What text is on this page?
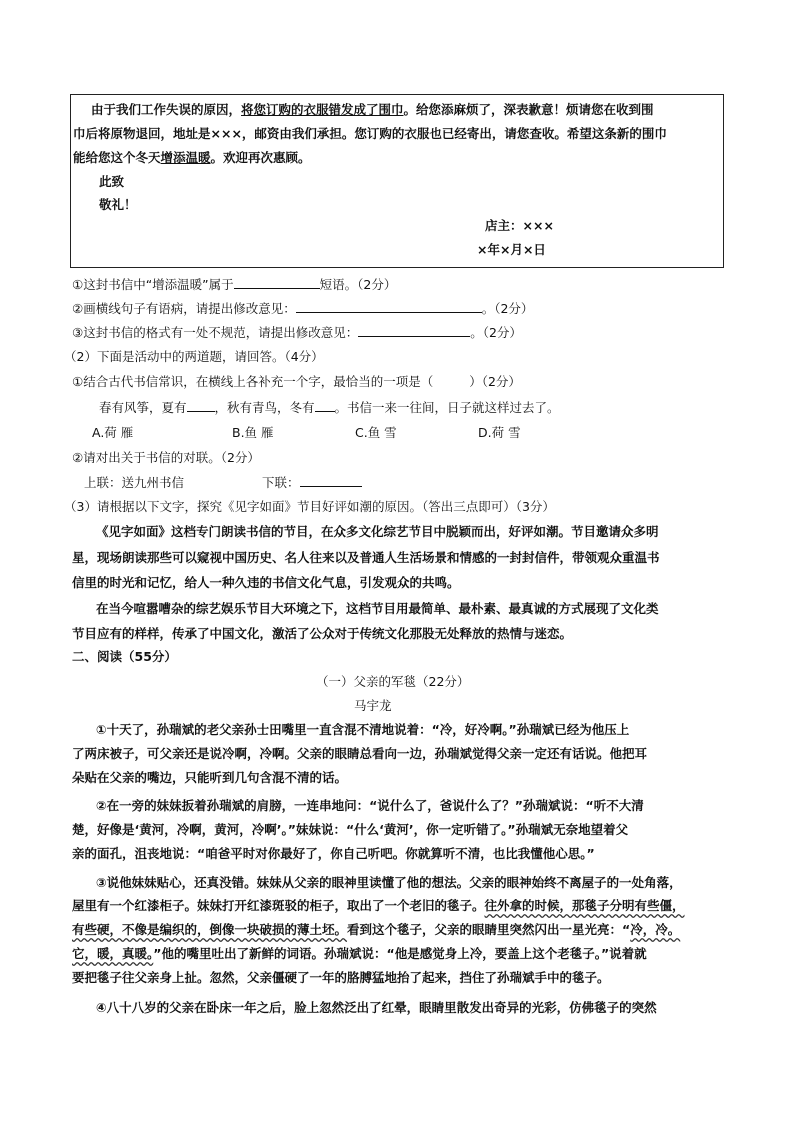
由于我们工作失误的原因，将您订购的衣服错发成了围巾。给您添麻烦了，深表歉意！烦请您在收到围
巾后将原物退回，地址是×××，邮资由我们承担。您订购的衣服也已经寄出，请您查收。希望这条新的围巾
能给您这个冬天增添温暖。欢迎再次惠顾。
此致
敬礼！
店主：×××
×年×月×日
①这封书信中“增添温暖”属于	短语。（2分）
②画横线句子有语病，请提出修改意见：	。（2分）
③这封书信的格式有一处不规范，请提出修改意见：	。（2分）
（2）下面是活动中的两道题，请回答。（4分）
①结合古代书信常识，在横线上各补充一个字，最恰当的一项是（	）（2分）
春有风筝，夏有 ，秋有青鸟，冬有 。书信一来一往间，日子就这样过去了。
A.荷 雁	B.鱼 雁	C.鱼 雪	D.荷 雪
②请对出关于书信的对联。（2分）
上联：送九州书信	下联：
（3）请根据以下文字，探究《见字如面》节目好评如潮的原因。（答出三点即可）（3分）
《见字如面》这档专门朗读书信的节目，在众多文化综艺节目中脱颖而出，好评如潮。节目邀请众多明
星，现场朗读那些可以窥视中国历史、名人往来以及普通人生活场景和情感的一封封信件，带领观众重温书
信里的时光和记忆，给人一种久违的书信文化气息，引发观众的共鸣。
在当今喧嚣嘈杂的综艺娱乐节目大环境之下，这档节目用最简单、最朴素、最真诚的方式展现了文化类
节目应有的样样，传承了中国文化，激活了公众对于传统文化那股无处释放的热情与迷恋。
二、阅读（55分）
（一）父亲的军毯（22分）
马宇龙
①十天了，孙瑞斌的老父亲孙士田嘴里一直含混不清地说着：“冷，好冷啊。”孙瑞斌已经为他压上
了两床被子，可父亲还是说冷啊，冷啊。父亲的眼睛总看向一边，孙瑞斌觉得父亲一定还有话说。他把耳
朵贴在父亲的嘴边，只能听到几句含混不清的话。
②在一旁的妹妹扳着孙瑞斌的肩膀，一连串地问：“说什么了，爸说什么了？”孙瑞斌说：“听不大清
楚，好像是‘黄河，冷啊，黄河，冷啊’。”妹妹说：“什么‘黄河’，你一定听错了。”孙瑞斌无奈地望着父
亲的面孔，沮丧地说：“咱爸平时对你最好了，你自己听吧。你就算听不清，也比我懂他心思。”
③说他妹妹贴心，还真没错。妹妹从父亲的眼神里读懂了他的想法。父亲的眼神始终不离屋子的一处角落，
屋里有一个红漆柜子。妹妹打开红漆斑驳的柜子，取出了一个老旧的毯子。往外拿的时候，那毯子分明有些僵，
有些硬，不像是编织的，倒像一块破损的薄土坯。看到这个毯子，父亲的眼睛里突然闪出一星光亮：“冷，冷。
它，暖，真暖。”他的嘴里吐出了新鲜的词语。孙瑞斌说：“他是感觉身上冷，要盖上这个老毯子。”说着就
要把毯子往父亲身上扯。忽然，父亲僵硬了一年的胳膊猛地抬了起来，挡住了孙瑞斌手中的毯子。
④八十八岁的父亲在卧床一年之后，脸上忽然泛出了红晕，眼睛里散发出奇异的光彩，仿佛毯子的突然
